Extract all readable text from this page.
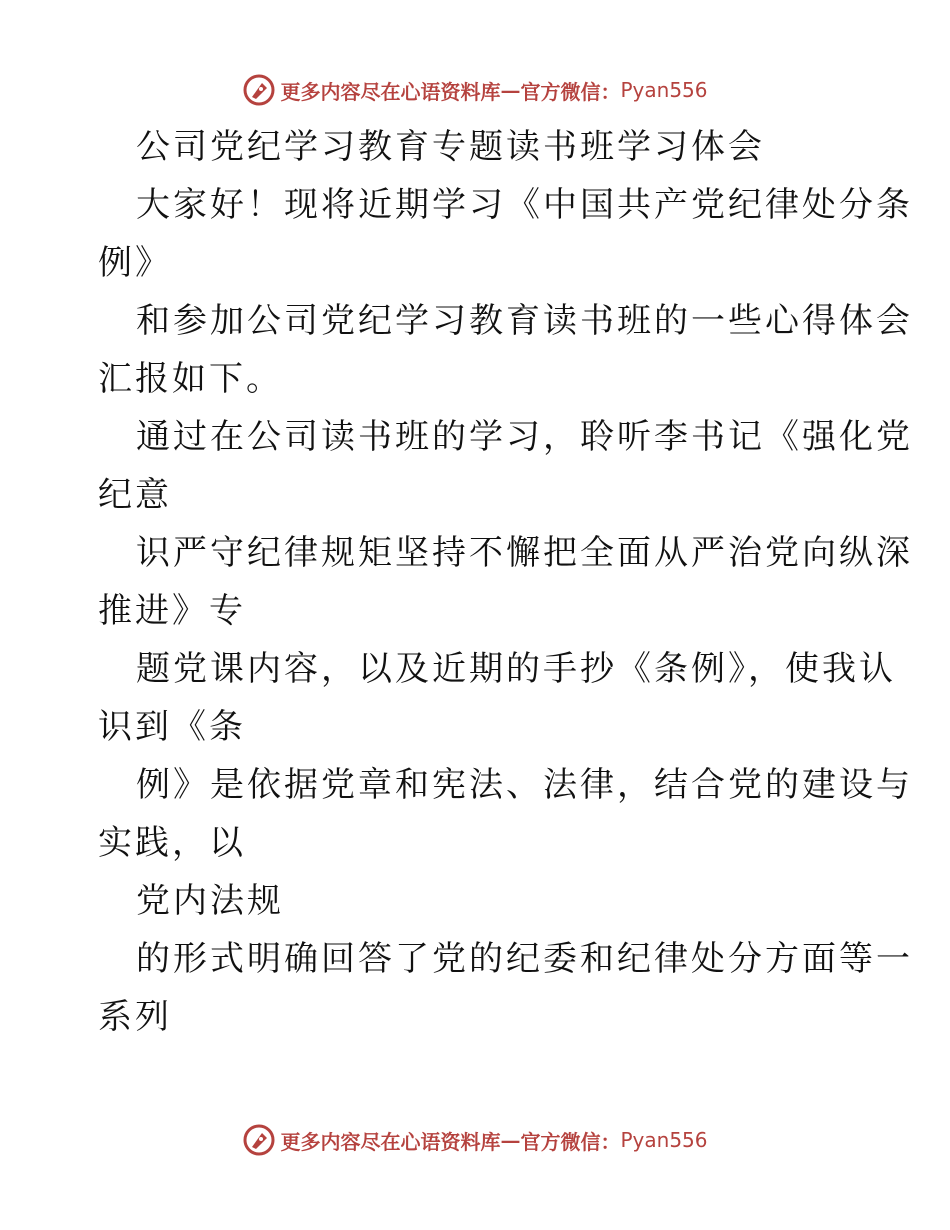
更多内容尽在心语资料库 — 官方微信： Pyan556
公司党纪学习教育专题读书班学习体会
大家好！现将近期学习《中国共产党纪律处分条
例》
和参加公司党纪学习教育读书班的一些心得体会
汇报如下。
通过在公司读书班的学习，聆听李书记《强化党
纪意
识严守纪律规矩坚持不懈把全面从严治党向纵深
推进》专
题党课内容，以及近期的手抄《条例》，使我认
识到《条
例》是依据党章和宪法、法律，结合党的建设与
实践，以
党内法规
的形式明确回答了党的纪委和纪律处分方面等一
系列
更多内容尽在心语资料库 — 官方微信： Pyan556
